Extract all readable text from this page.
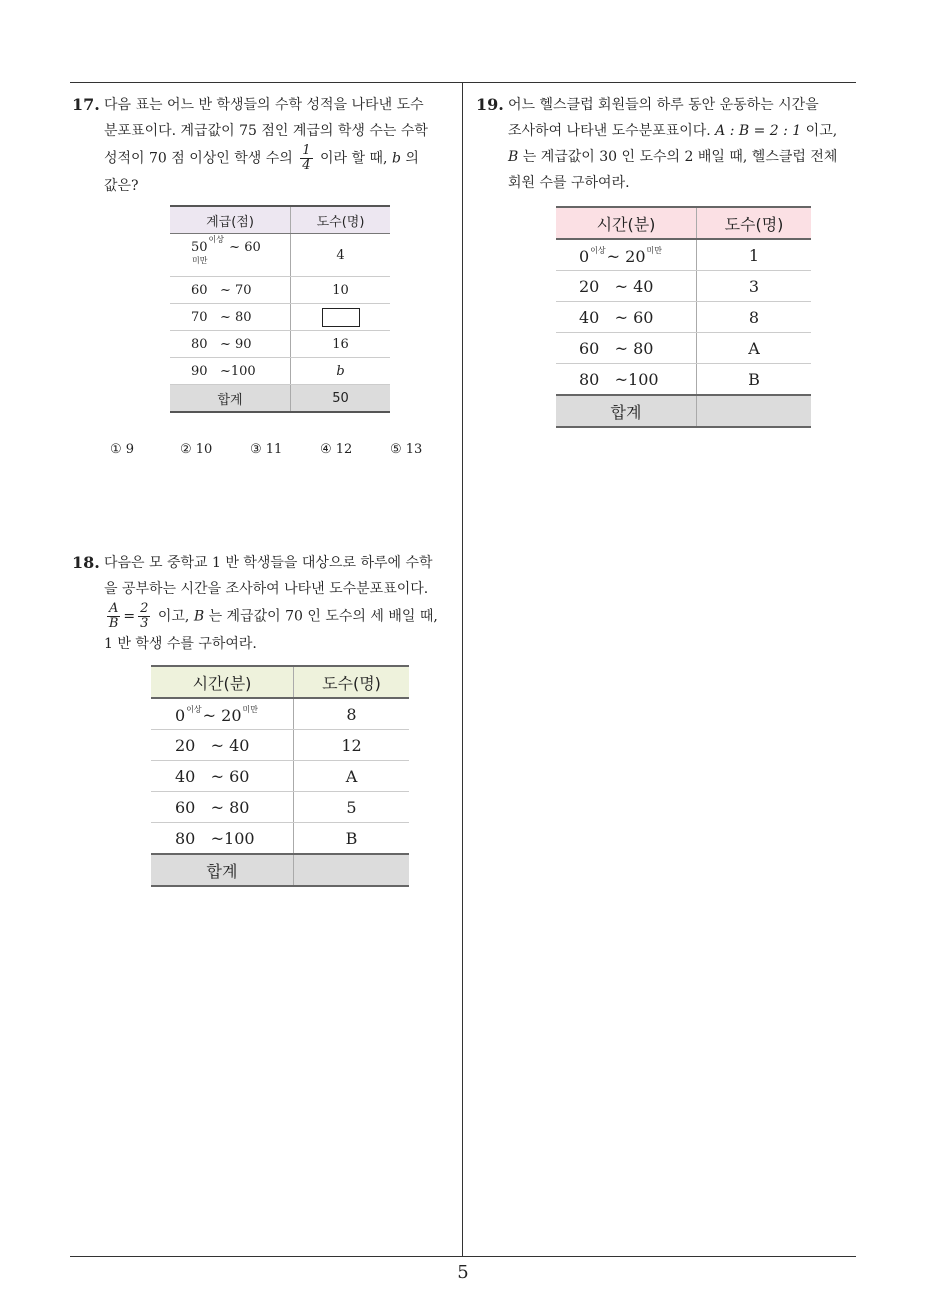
5
17. 다음 표는 어느 반 학생들의 수학 성적을 나타낸 도수

분포표이다. 계급값이 75 점인 계급의 학생 수는 수학

성적이 70 점 이상인 학생 수의 $\frac{1}{4}$ 이라 할 때, b 의

값은?

계급(점)	도수(명)
$50^{이상}$ ~ $60^{미만}$	4
60 ~ 70	10
70 ~ 80	
80 ~ 90	16
90 ~100	b
합계	50
① 9	② 10	③ 11	④ 12	⑤ 13
18. 다음은 모 중학교 1 반 학생들을 대상으로 하루에 수학

을 공부하는 시간을 조사하여 나타낸 도수분포표이다.

$\frac{A}{B} = \frac{2}{3}$ 이고, B 는 계급값이 70 인 도수의 세 배일 때,

1 반 학생 수를 구하여라.

시간(분)	도수(명)
$0^{이상}\sim$ $20^{미만}$	8
20 ~ 40	12
40 ~ 60	A
60 ~ 80	5
80 ~100	B
합계	
19. 어느 헬스클럽 회원들의 하루 동안 운동하는 시간을

조사하여 나타낸 도수분포표이다. A : B = 2 : 1 이고,

B 는 계급값이 30 인 도수의 2 배일 때, 헬스클럽 전체

회원 수를 구하여라.

시간(분)	도수(명)
$0^{이상}\sim$ $20^{미만}$	1
20 ~ 40	3
40 ~ 60	8
60 ~ 80	A
80 ~100	B
합계	
